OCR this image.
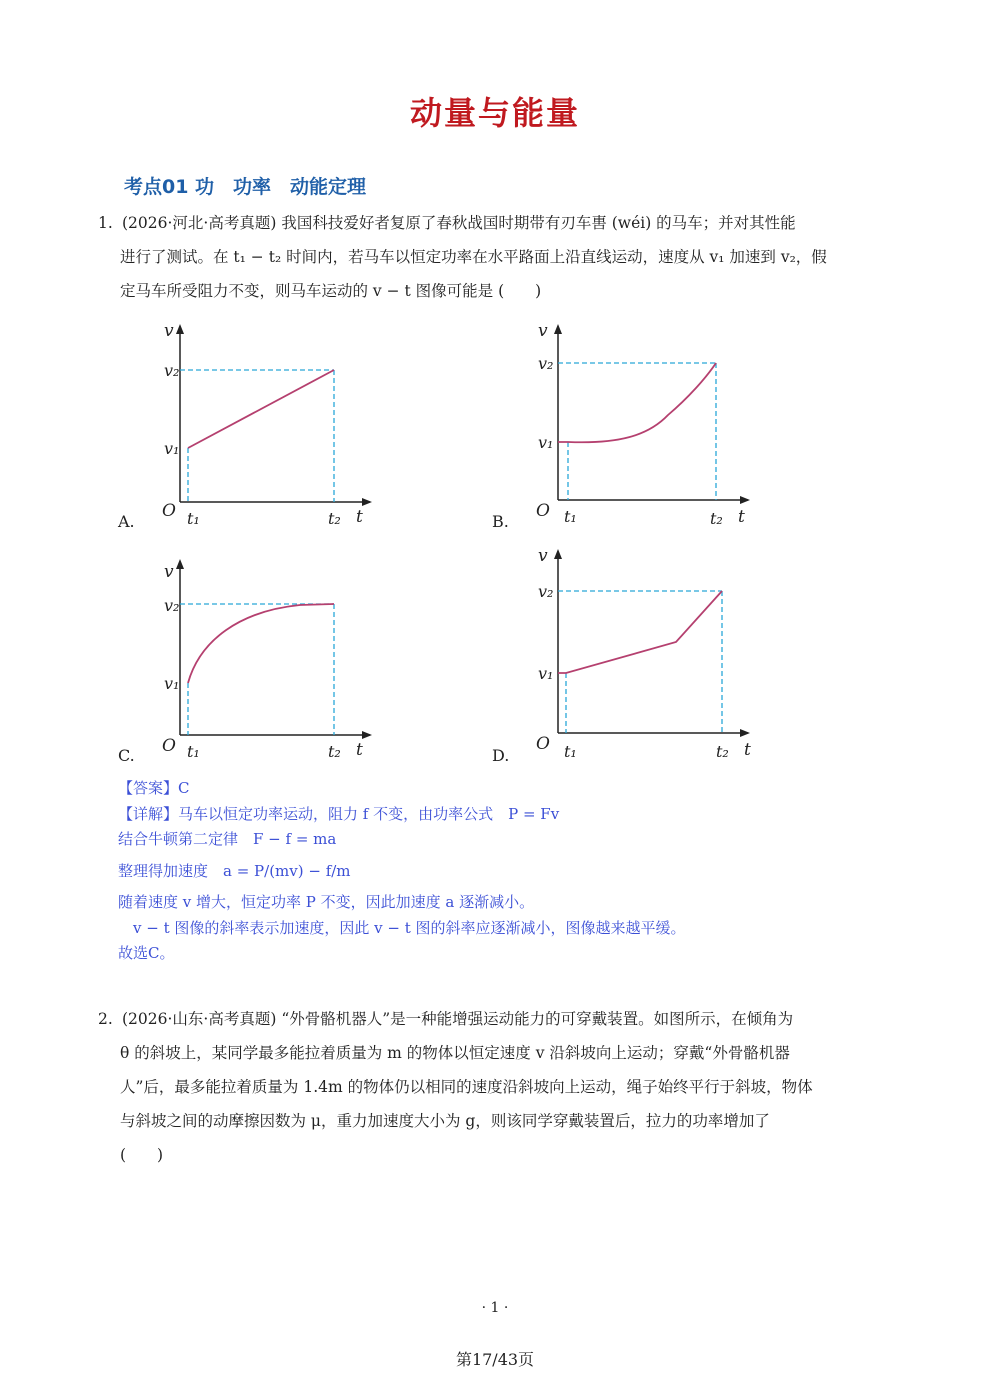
动量与能量
考点01 功　功率　动能定理
1. (2026·河北·高考真题) 我国科技爱好者复原了春秋战国时期带有刃车軎 (wéi) 的马车；并对其性能
进行了测试。在 t₁ − t₂ 时间内，若马车以恒定功率在水平路面上沿直线运动，速度从 v₁ 加速到 v₂，假
定马车所受阻力不变，则马车运动的 v − t 图像可能是 (　　)
A.	B.
C.	D.
v
v₂
v₁
O t₁	t₂ t
v
v₂
v₁
O t₁	t₂ t
v
v₂
v₁
O t₁	t₂ t
v
v₂
v₁
O t₁	t₂ t
【答案】C
【详解】马车以恒定功率运动，阻力 f 不变，由功率公式　P = Fv
结合牛顿第二定律　F − f = ma
整理得加速度　a = P/(mv) − f/m
随着速度 v 增大，恒定功率 P 不变，因此加速度 a 逐渐减小。
　v − t 图像的斜率表示加速度，因此 v − t 图的斜率应逐渐减小，图像越来越平缓。
故选C。
2. (2026·山东·高考真题) “外骨骼机器人”是一种能增强运动能力的可穿戴装置。如图所示，在倾角为
θ 的斜坡上，某同学最多能拉着质量为 m 的物体以恒定速度 v 沿斜坡向上运动；穿戴“外骨骼机器
人”后，最多能拉着质量为 1.4m 的物体仍以相同的速度沿斜坡向上运动，绳子始终平行于斜坡，物体
与斜坡之间的动摩擦因数为 μ，重力加速度大小为 g，则该同学穿戴装置后，拉力的功率增加了
(　　)
· 1 ·
第17/43页
